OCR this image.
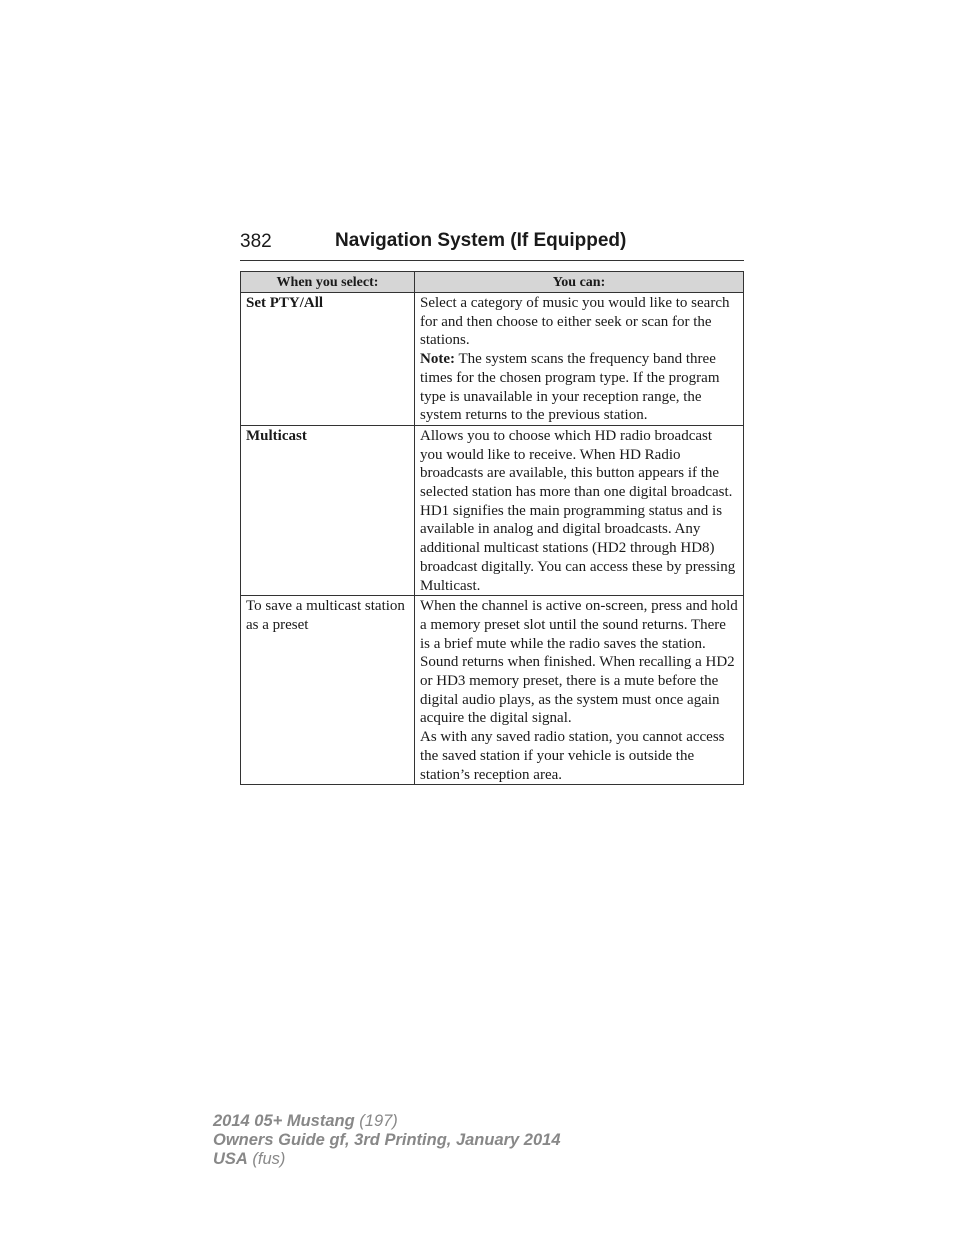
382	Navigation System (If Equipped)
When you select:	You can:
Set PTY/All	Select a category of music you would like to search for and then choose to either seek or scan for the stations.
Note: The system scans the frequency band three times for the chosen program type. If the program type is unavailable in your reception range, the system returns to the previous station.

Multicast	Allows you to choose which HD radio broadcast you would like to receive. When HD Radio broadcasts are available, this button appears if the selected station has more than one digital broadcast. HD1 signifies the main programming status and is available in analog and digital broadcasts. Any additional multicast stations (HD2 through HD8) broadcast digitally. You can access these by pressing Multicast.

To save a multicast station as a preset	When the channel is active on-screen, press and hold a memory preset slot until the sound returns. There is a brief mute while the radio saves the station. Sound returns when finished. When recalling a HD2 or HD3 memory preset, there is a mute before the digital audio plays, as the system must once again acquire the digital signal.
As with any saved radio station, you cannot access the saved station if your vehicle is outside the station’s reception area.
2014 05+ Mustang (197)
Owners Guide gf, 3rd Printing, January 2014
USA (fus)
